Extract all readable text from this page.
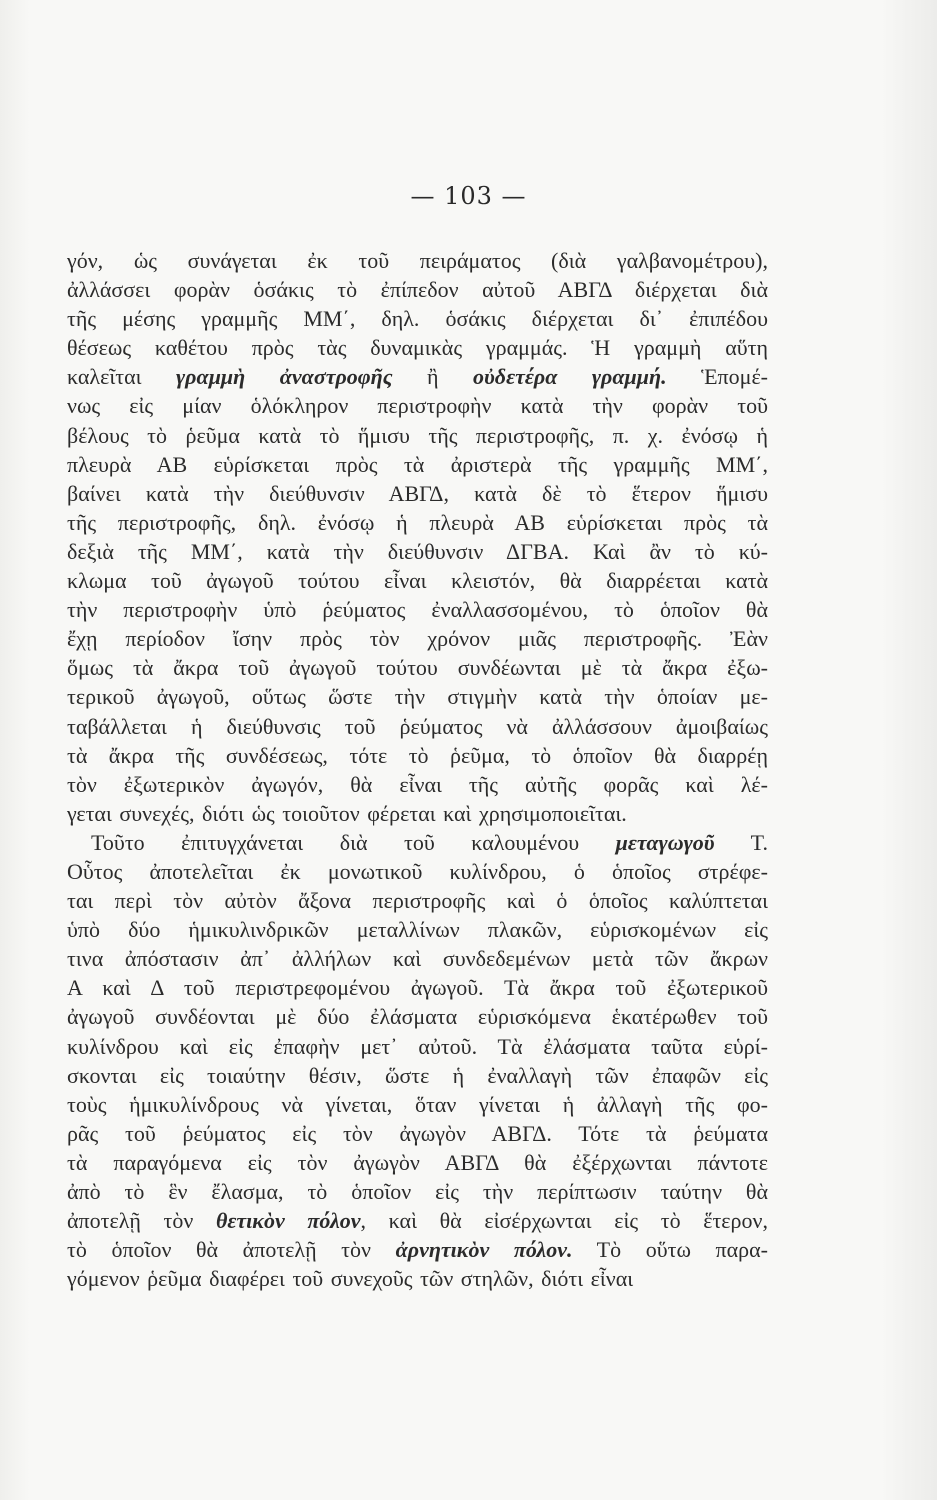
— 103 —

γόν, ὡς συνάγεται ἐκ τοῦ πειράματος (διὰ γαλβανομέτρου),
ἀλλάσσει φορὰν ὁσάκις τὸ ἐπίπεδον αὐτοῦ ΑΒΓΔ διέρχεται διὰ
τῆς μέσης γραμμῆς ΜΜ΄, δηλ. ὁσάκις διέρχεται δι᾽ ἐπιπέδου
θέσεως καθέτου πρὸς τὰς δυναμικὰς γραμμάς. Ἡ γραμμὴ αὕτη
καλεῖται γραμμὴ ἀναστροφῆς ἢ οὐδετέρα γραμμή. Ἑπομέ-
νως εἰς μίαν ὁλόκληρον περιστροφὴν κατὰ τὴν φορὰν τοῦ
βέλους τὸ ῥεῦμα κατὰ τὸ ἥμισυ τῆς περιστροφῆς, π. χ. ἐνόσῳ ἡ
πλευρὰ ΑΒ εὑρίσκεται πρὸς τὰ ἀριστερὰ τῆς γραμμῆς ΜΜ΄,
βαίνει κατὰ τὴν διεύθυνσιν ΑΒΓΔ, κατὰ δὲ τὸ ἕτερον ἥμισυ
τῆς περιστροφῆς, δηλ. ἐνόσῳ ἡ πλευρὰ ΑΒ εὑρίσκεται πρὸς τὰ
δεξιὰ τῆς ΜΜ΄, κατὰ τὴν διεύθυνσιν ΔΓΒΑ. Καὶ ἂν τὸ κύ-
κλωμα τοῦ ἀγωγοῦ τούτου εἶναι κλειστόν, θὰ διαρρέεται κατὰ
τὴν περιστροφὴν ὑπὸ ῥεύματος ἐναλλασσομένου, τὸ ὁποῖον θὰ
ἔχῃ περίοδον ἴσην πρὸς τὸν χρόνον μιᾶς περιστροφῆς. Ἐὰν
ὅμως τὰ ἄκρα τοῦ ἀγωγοῦ τούτου συνδέωνται μὲ τὰ ἄκρα ἐξω-
τερικοῦ ἀγωγοῦ, οὕτως ὥστε τὴν στιγμὴν κατὰ τὴν ὁποίαν με-
ταβάλλεται ἡ διεύθυνσις τοῦ ῥεύματος νὰ ἀλλάσσουν ἀμοιβαίως
τὰ ἄκρα τῆς συνδέσεως, τότε τὸ ῥεῦμα, τὸ ὁποῖον θὰ διαρρέῃ
τὸν ἐξωτερικὸν ἀγωγόν, θὰ εἶναι τῆς αὐτῆς φορᾶς καὶ λέ-
γεται συνεχές, διότι ὡς τοιοῦτον φέρεται καὶ χρησιμοποιεῖται.

Τοῦτο ἐπιτυγχάνεται διὰ τοῦ καλουμένου μεταγωγοῦ Τ.
Οὗτος ἀποτελεῖται ἐκ μονωτικοῦ κυλίνδρου, ὁ ὁποῖος στρέφε-
ται περὶ τὸν αὐτὸν ἄξονα περιστροφῆς καὶ ὁ ὁποῖος καλύπτεται
ὑπὸ δύο ἡμικυλινδρικῶν μεταλλίνων πλακῶν, εὑρισκομένων εἰς
τινα ἀπόστασιν ἀπ᾽ ἀλλήλων καὶ συνδεδεμένων μετὰ τῶν ἄκρων
Α καὶ Δ τοῦ περιστρεφομένου ἀγωγοῦ. Τὰ ἄκρα τοῦ ἐξωτερικοῦ
ἀγωγοῦ συνδέονται μὲ δύο ἐλάσματα εὑρισκόμενα ἑκατέρωθεν τοῦ
κυλίνδρου καὶ εἰς ἐπαφὴν μετ᾽ αὐτοῦ. Τὰ ἐλάσματα ταῦτα εὑρί-
σκονται εἰς τοιαύτην θέσιν, ὥστε ἡ ἐναλλαγὴ τῶν ἐπαφῶν εἰς
τοὺς ἡμικυλίνδρους νὰ γίνεται, ὅταν γίνεται ἡ ἀλλαγὴ τῆς φο-
ρᾶς τοῦ ῥεύματος εἰς τὸν ἀγωγὸν ΑΒΓΔ. Τότε τὰ ῥεύματα
τὰ παραγόμενα εἰς τὸν ἀγωγὸν ΑΒΓΔ θὰ ἐξέρχωνται πάντοτε
ἀπὸ τὸ ἓν ἔλασμα, τὸ ὁποῖον εἰς τὴν περίπτωσιν ταύτην θὰ
ἀποτελῇ τὸν θετικὸν πόλον, καὶ θὰ εἰσέρχωνται εἰς τὸ ἕτερον,
τὸ ὁποῖον θὰ ἀποτελῇ τὸν ἀρνητικὸν πόλον. Τὸ οὕτω παρα-
γόμενον ῥεῦμα διαφέρει τοῦ συνεχοῦς τῶν στηλῶν, διότι εἶναι
